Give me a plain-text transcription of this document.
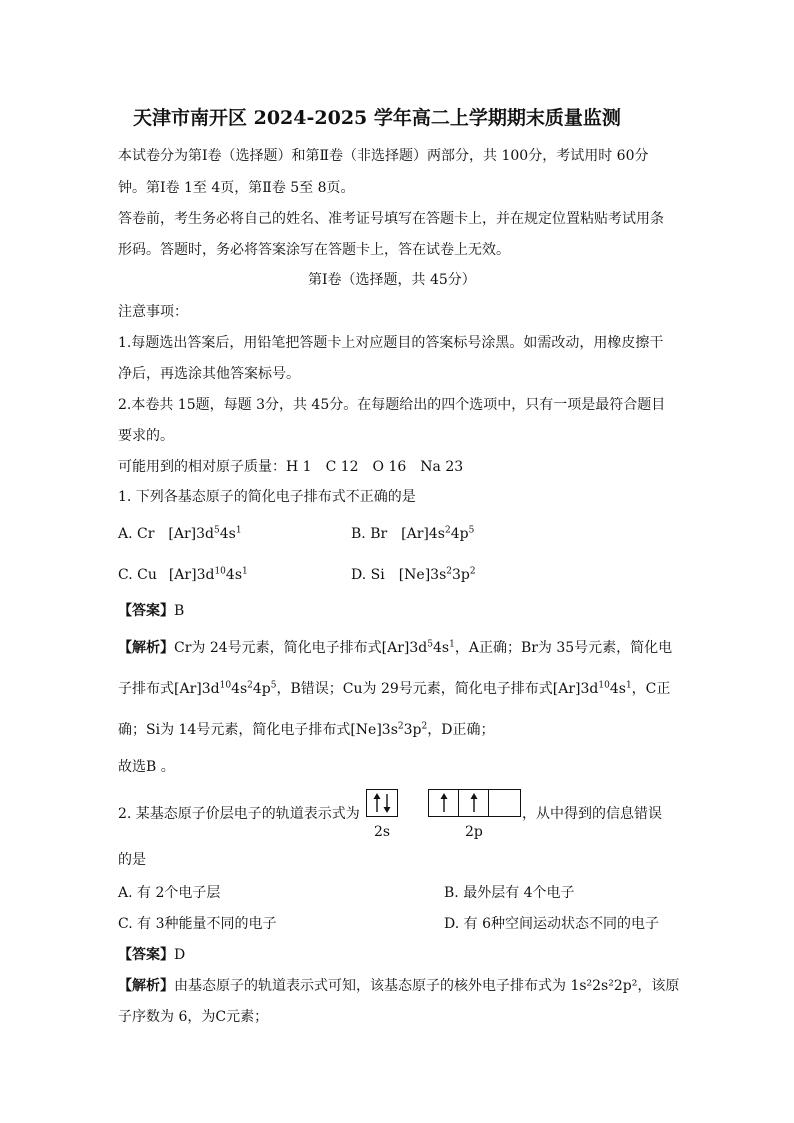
天津市南开区 2024-2025 学年高二上学期期末质量监测
本试卷分为第Ⅰ卷（选择题）和第Ⅱ卷（非选择题）两部分，共 100分，考试用时 60分
钟。第Ⅰ卷 1至 4页，第Ⅱ卷 5至 8页。
答卷前，考生务必将自己的姓名、准考证号填写在答题卡上，并在规定位置粘贴考试用条
形码。答题时，务必将答案涂写在答题卡上，答在试卷上无效。
第Ⅰ卷（选择题，共 45分）
注意事项：
1.每题选出答案后，用铅笔把答题卡上对应题目的答案标号涂黑。如需改动，用橡皮擦干
净后，再选涂其他答案标号。
2.本卷共 15题，每题 3分，共 45分。在每题给出的四个选项中，只有一项是最符合题目
要求的。
可能用到的相对原子质量：H 1　C 12　O 16　Na 23
1. 下列各基态原子的简化电子排布式不正确的是
A. Cr $[Ar]3d^54s^1$	B. Br $[Ar]4s^24p^5$
C. Cu $[Ar]3d^{10}4s^1$	D. Si $[Ne]3s^23p^2$
【答案】B
【解析】Cr为 24号元素，简化电子排布式$[Ar]3d^54s^1$，A正确；Br为 35号元素，简化电
子排布式$[Ar]3d^{10}4s^24p^5$，B错误；Cu为 29号元素，简化电子排布式$[Ar]3d^{10}4s^1$，C正
确；Si为 14号元素，简化电子排布式$[Ne]3s^23p^2$，D正确；
故选B 。
2. 某基态原子价层电子的轨道表示式为
2s	2p
，从中得到的信息错误
的是
A. 有 2个电子层	B. 最外层有 4个电子
C. 有 3种能量不同的电子	D. 有 6种空间运动状态不同的电子
【答案】D
【解析】由基态原子的轨道表示式可知，该基态原子的核外电子排布式为 1s²2s²2p²，该原
子序数为 6，为C元素；
